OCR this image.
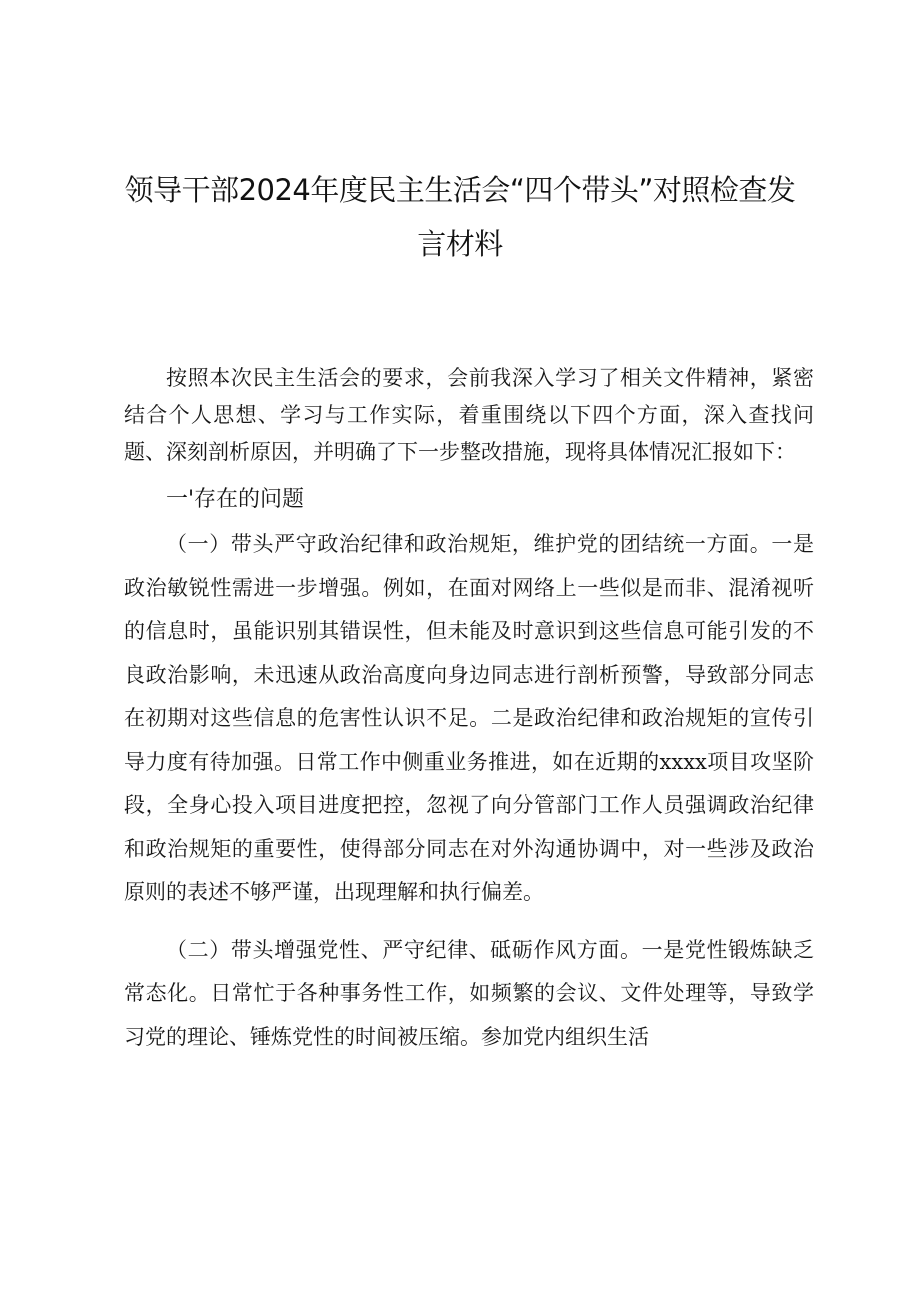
领导干部2024年度民主生活会“四个带头”对照检查发
言材料

按照本次民主生活会的要求，会前我深入学习了相关文件精神，紧密结合个人思想、学习与工作实际，着重围绕以下四个方面，深入查找问题、深刻剖析原因，并明确了下一步整改措施，现将具体情况汇报如下：

一'存在的问题

（一）带头严守政治纪律和政治规矩，维护党的团结统一方面。一是政治敏锐性需进一步增强。例如，在面对网络上一些似是而非、混淆视听的信息时，虽能识别其错误性，但未能及时意识到这些信息可能引发的不良政治影响，未迅速从政治高度向身边同志进行剖析预警，导致部分同志在初期对这些信息的危害性认识不足。二是政治纪律和政治规矩的宣传引导力度有待加强。日常工作中侧重业务推进，如在近期的xxxx项目攻坚阶段，全身心投入项目进度把控，忽视了向分管部门工作人员强调政治纪律和政治规矩的重要性，使得部分同志在对外沟通协调中，对一些涉及政治原则的表述不够严谨，出现理解和执行偏差。

（二）带头增强党性、严守纪律、砥砺作风方面。一是党性锻炼缺乏常态化。日常忙于各种事务性工作，如频繁的会议、文件处理等，导致学习党的理论、锤炼党性的时间被压缩。参加党内组织生活
